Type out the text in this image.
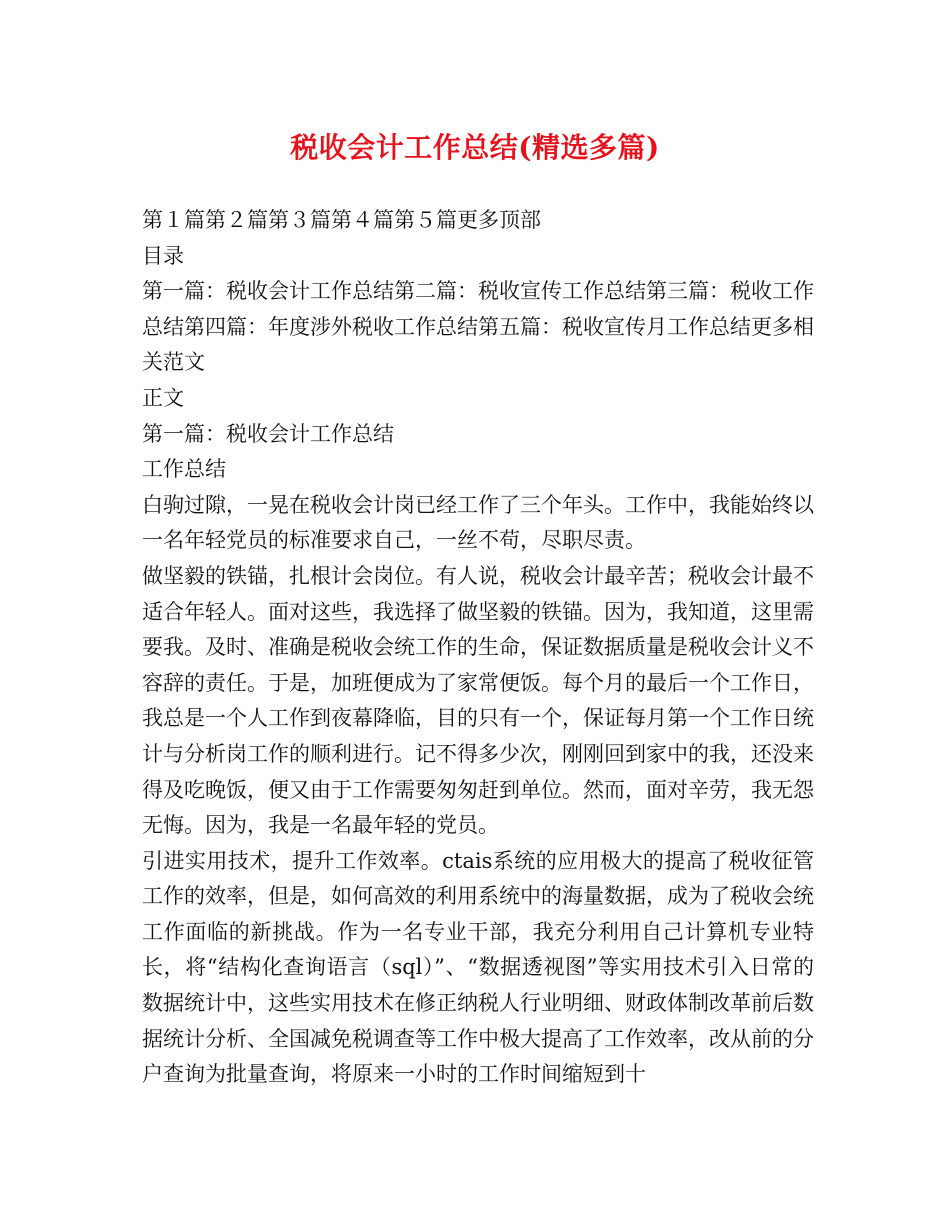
税收会计工作总结(精选多篇)

第１篇第２篇第３篇第４篇第５篇更多顶部

目录

第一篇：税收会计工作总结第二篇：税收宣传工作总结第三篇：税收工作总结第四篇：年度涉外税收工作总结第五篇：税收宣传月工作总结更多相关范文

正文

第一篇：税收会计工作总结

工作总结

白驹过隙，一晃在税收会计岗已经工作了三个年头。工作中，我能始终以一名年轻党员的标准要求自己，一丝不苟，尽职尽责。

做坚毅的铁锚，扎根计会岗位。有人说，税收会计最辛苦；税收会计最不适合年轻人。面对这些，我选择了做坚毅的铁锚。因为，我知道，这里需要我。及时、准确是税收会统工作的生命，保证数据质量是税收会计义不容辞的责任。于是，加班便成为了家常便饭。每个月的最后一个工作日，我总是一个人工作到夜幕降临，目的只有一个，保证每月第一个工作日统计与分析岗工作的顺利进行。记不得多少次，刚刚回到家中的我，还没来得及吃晚饭，便又由于工作需要匆匆赶到单位。然而，面对辛劳，我无怨无悔。因为，我是一名最年轻的党员。

引进实用技术，提升工作效率。ctais系统的应用极大的提高了税收征管工作的效率，但是，如何高效的利用系统中的海量数据，成为了税收会统工作面临的新挑战。作为一名专业干部，我充分利用自己计算机专业特长，将“结构化查询语言（sql）”、“数据透视图”等实用技术引入日常的数据统计中，这些实用技术在修正纳税人行业明细、财政体制改革前后数据统计分析、全国减免税调查等工作中极大提高了工作效率，改从前的分户查询为批量查询，将原来一小时的工作时间缩短到十
